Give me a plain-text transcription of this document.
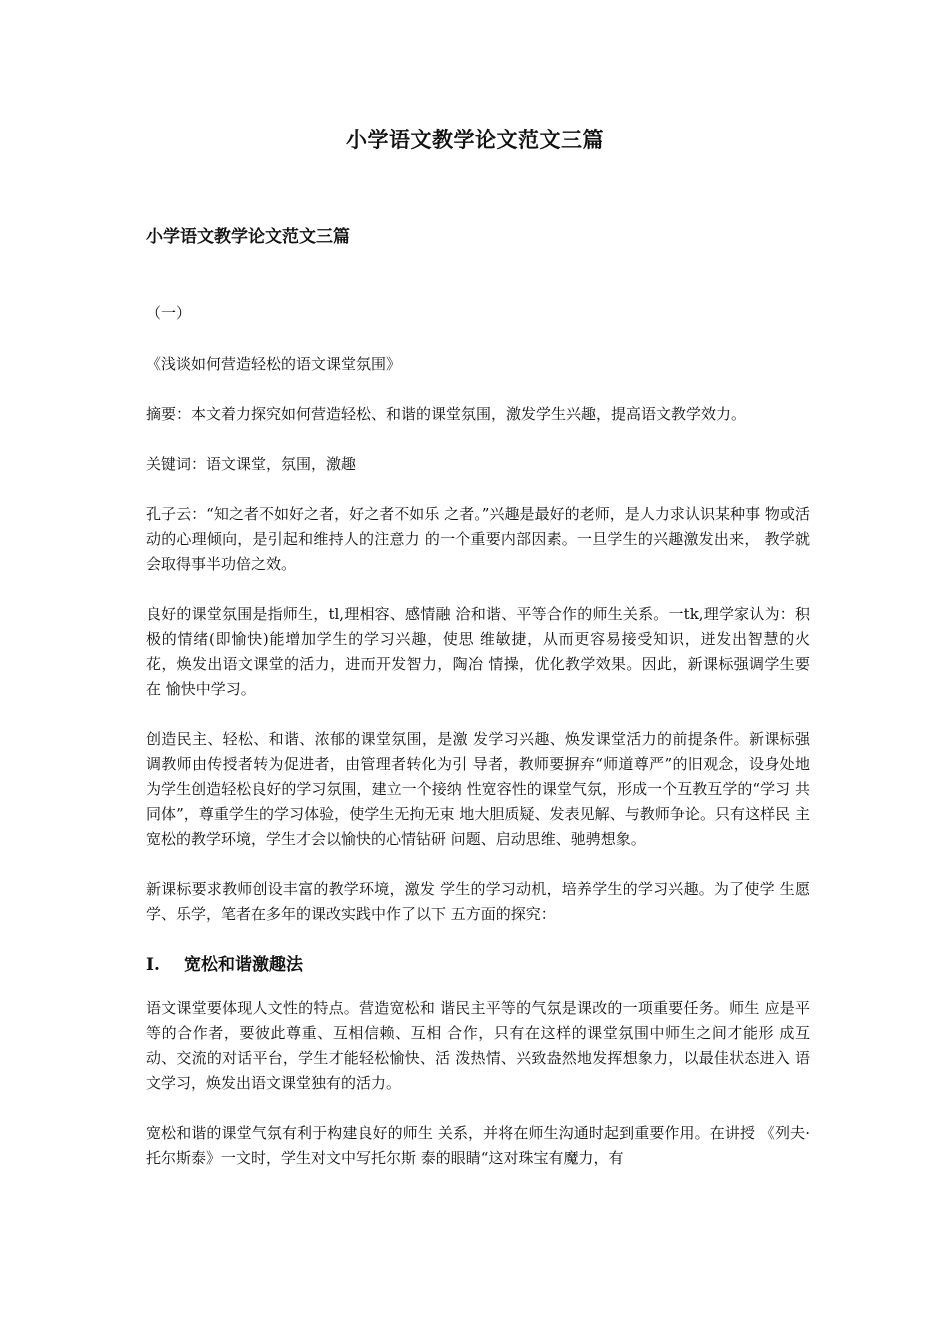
小学语文教学论文范文三篇
小学语文教学论文范文三篇

（一）

《浅谈如何营造轻松的语文课堂氛围》

摘要：本文着力探究如何营造轻松、和谐的课堂氛围，激发学生兴趣，提高语文教学效力。

关键词：语文课堂，氛围，激趣

孔子云：“知之者不如好之者，好之者不如乐 之者。”兴趣是最好的老师，是人力求认识某种事 物或活动的心理倾向，是引起和维持人的注意力 的一个重要内部因素。一旦学生的兴趣激发出来， 教学就会取得事半功倍之效。

良好的课堂氛围是指师生，tl,理相容、感情融 洽和谐、平等合作的师生关系。一tk,理学家认为：积 极的情绪(即愉快)能增加学生的学习兴趣，使思 维敏捷，从而更容易接受知识，迸发出智慧的火 花，焕发出语文课堂的活力，进而开发智力，陶冶 情操，优化教学效果。因此，新课标强调学生要在 愉快中学习。

创造民主、轻松、和谐、浓郁的课堂氛围，是激 发学习兴趣、焕发课堂活力的前提条件。新课标强 调教师由传授者转为促进者，由管理者转化为引 导者，教师要摒弃“师道尊严”的旧观念，设身处地 为学生创造轻松良好的学习氛围，建立一个接纳 性宽容性的课堂气氛，形成一个互教互学的“学习 共同体”，尊重学生的学习体验，使学生无拘无束 地大胆质疑、发表见解、与教师争论。只有这样民 主宽松的教学环境，学生才会以愉快的心情钻研 问题、启动思维、驰骋想象。

新课标要求教师创设丰富的教学环境，激发 学生的学习动机，培养学生的学习兴趣。为了使学 生愿学、乐学，笔者在多年的课改实践中作了以下 五方面的探究：

I. 宽松和谐激趣法

语文课堂要体现人文性的特点。营造宽松和 谐民主平等的气氛是课改的一项重要任务。师生 应是平等的合作者，要彼此尊重、互相信赖、互相 合作，只有在这样的课堂氛围中师生之间才能形 成互动、交流的对话平台，学生才能轻松愉快、活 泼热情、兴致盎然地发挥想象力，以最佳状态进入 语文学习，焕发出语文课堂独有的活力。

宽松和谐的课堂气氛有利于构建良好的师生 关系，并将在师生沟通时起到重要作用。在讲授 《列夫·托尔斯泰》一文时，学生对文中写托尔斯 泰的眼睛“这对珠宝有魔力，有
